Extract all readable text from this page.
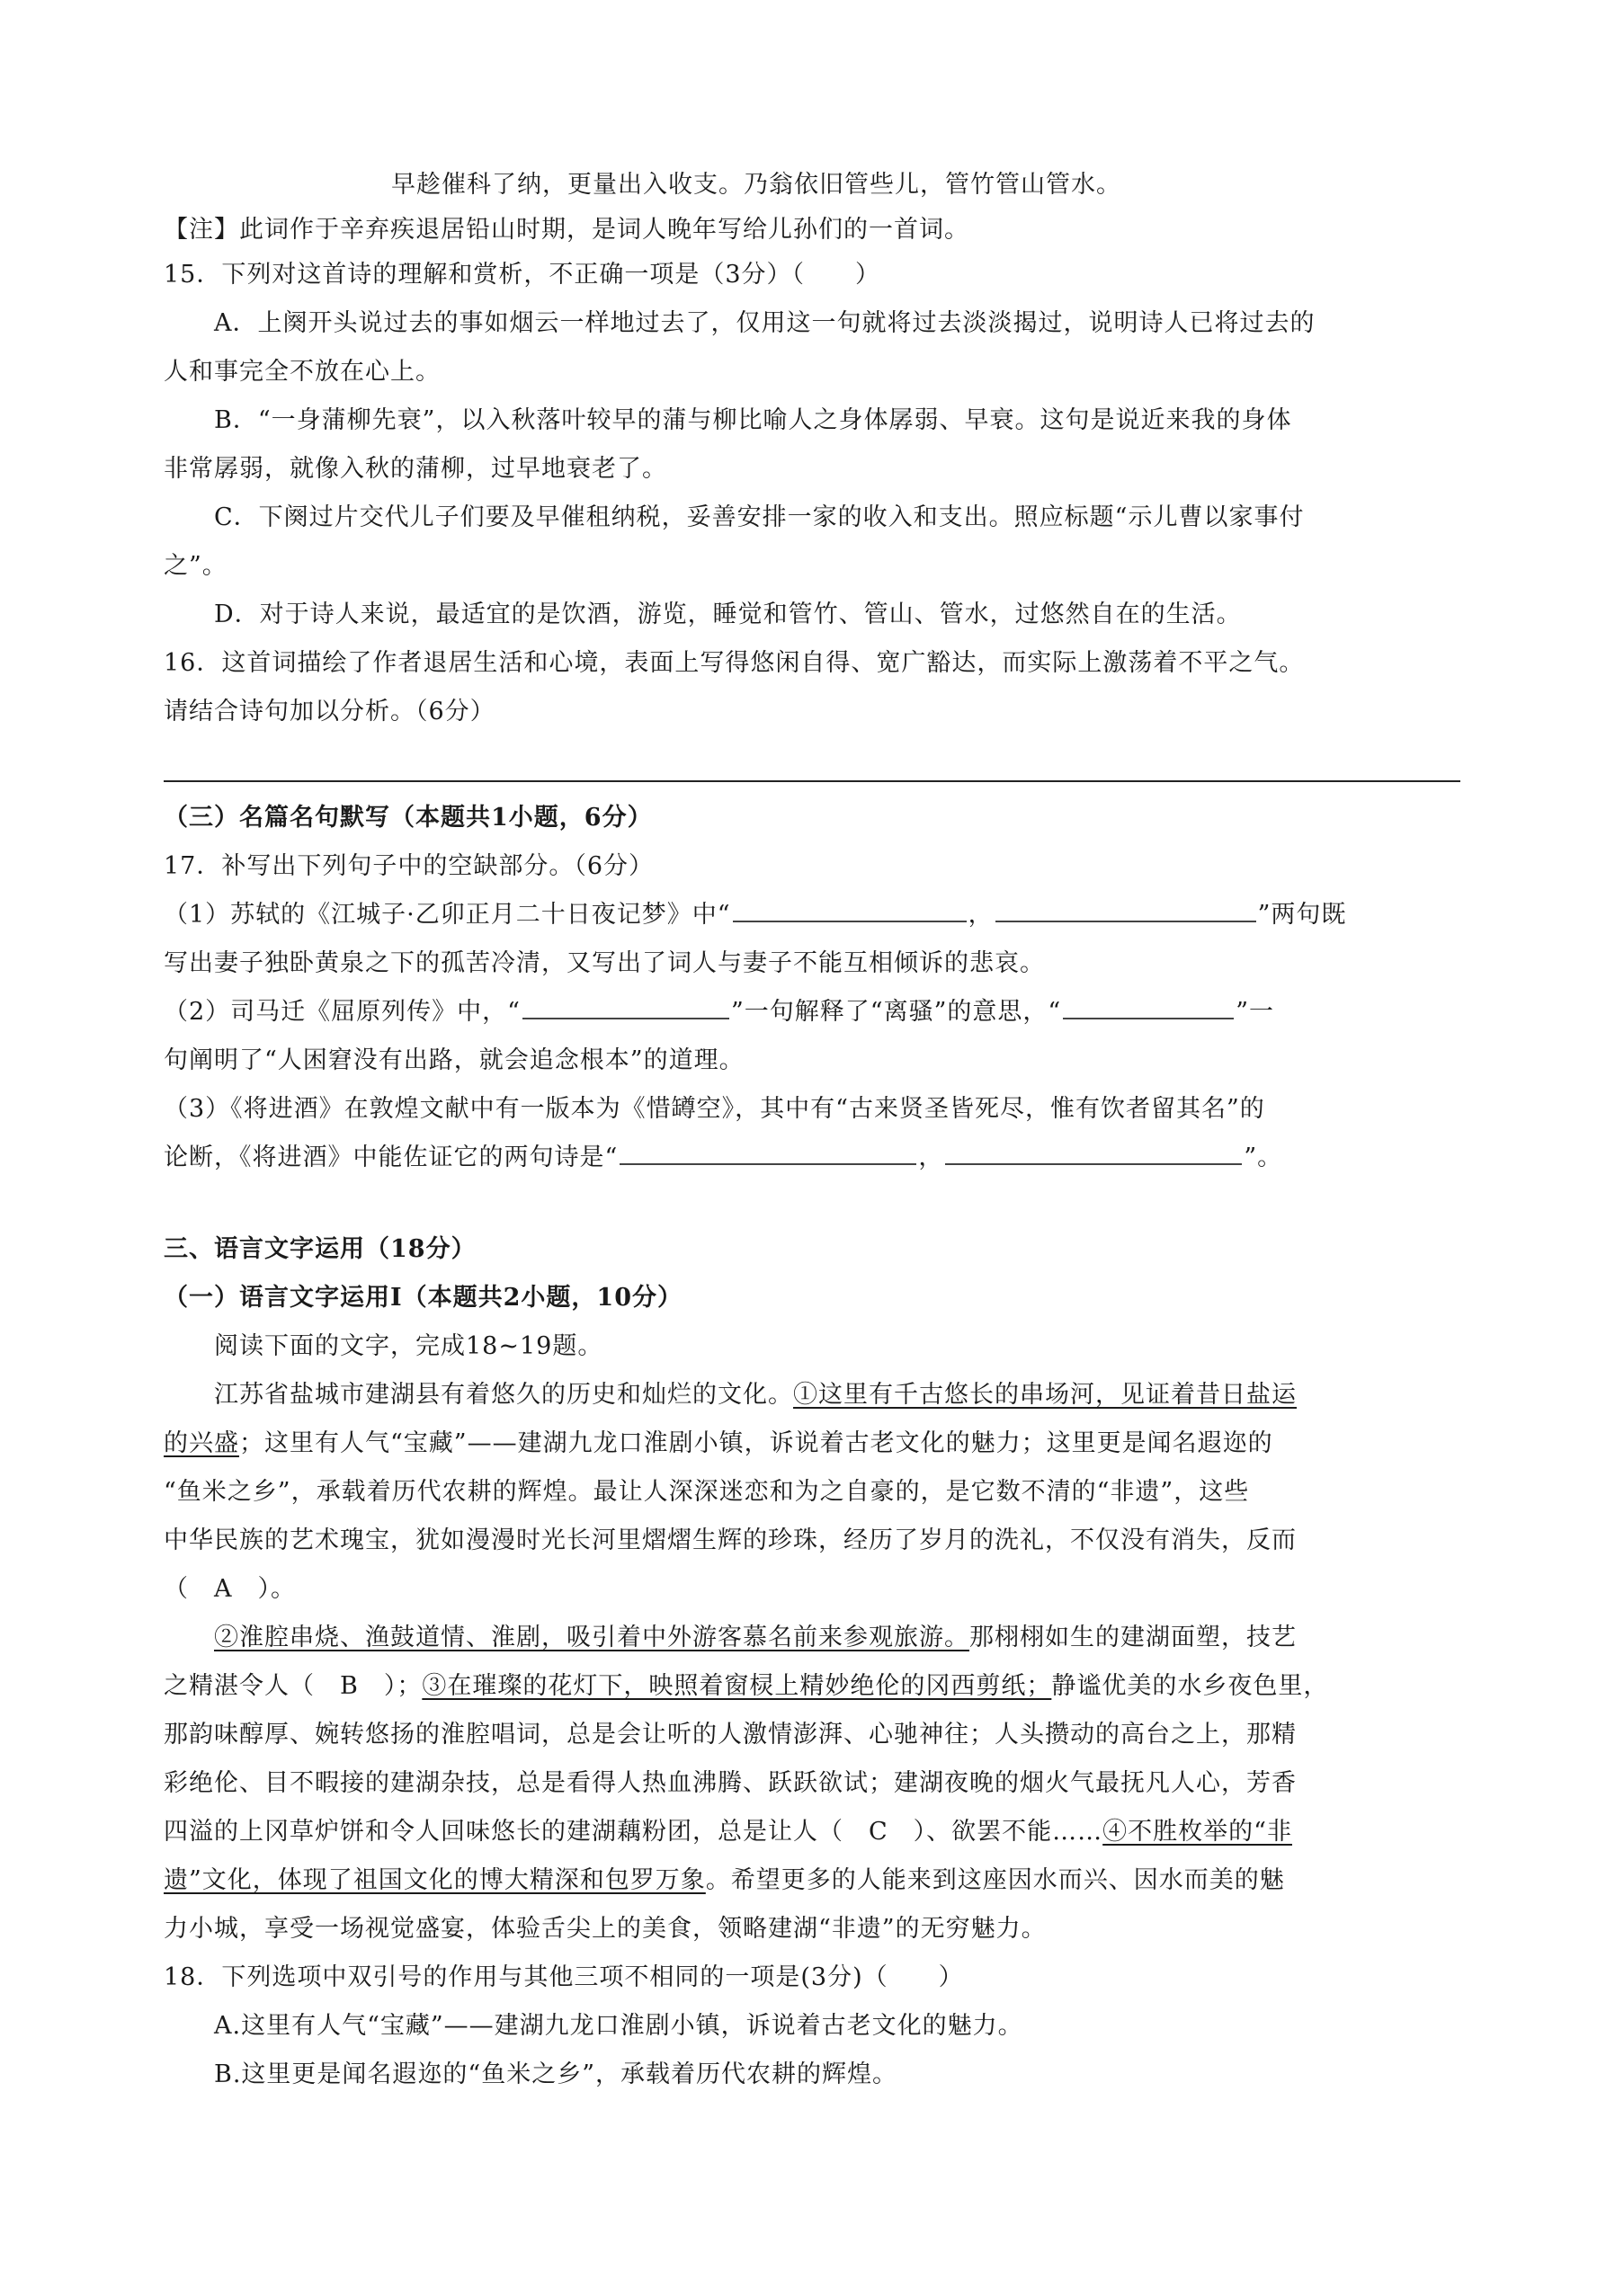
早趁催科了纳，更量出入收支。乃翁依旧管些儿，管竹管山管水。
【注】此词作于辛弃疾退居铅山时期，是词人晚年写给儿孙们的一首词。
15．下列对这首诗的理解和赏析，不正确一项是（3分）（　　）
A．上阕开头说过去的事如烟云一样地过去了，仅用这一句就将过去淡淡揭过，说明诗人已将过去的
人和事完全不放在心上。
B．“一身蒲柳先衰”，以入秋落叶较早的蒲与柳比喻人之身体孱弱、早衰。这句是说近来我的身体
非常孱弱，就像入秋的蒲柳，过早地衰老了。
C．下阕过片交代儿子们要及早催租纳税，妥善安排一家的收入和支出。照应标题“示儿曹以家事付
之”。
D．对于诗人来说，最适宜的是饮酒，游览，睡觉和管竹、管山、管水，过悠然自在的生活。
16．这首词描绘了作者退居生活和心境，表面上写得悠闲自得、宽广豁达，而实际上激荡着不平之气。
请结合诗句加以分析。（6分）
（三）名篇名句默写（本题共1小题，6分）
17．补写出下列句子中的空缺部分。（6分）
（1）苏轼的《江城子·乙卯正月二十日夜记梦》中“	，	”两句既
写出妻子独卧黄泉之下的孤苦冷清，又写出了词人与妻子不能互相倾诉的悲哀。
（2）司马迁《屈原列传》中，“	”一句解释了“离骚”的意思，“	”一
句阐明了“人困窘没有出路，就会追念根本”的道理。
（3）《将进酒》在敦煌文献中有一版本为《惜罇空》，其中有“古来贤圣皆死尽，惟有饮者留其名”的
论断，《将进酒》中能佐证它的两句诗是“	，	”。
三、语言文字运用（18分）
（一）语言文字运用Ⅰ（本题共2小题，10分）
阅读下面的文字，完成18~19题。
江苏省盐城市建湖县有着悠久的历史和灿烂的文化。①这里有千古悠长的串场河，见证着昔日盐运
的兴盛；这里有人气“宝藏”——建湖九龙口淮剧小镇，诉说着古老文化的魅力；这里更是闻名遐迩的
“鱼米之乡”，承载着历代农耕的辉煌。最让人深深迷恋和为之自豪的，是它数不清的“非遗”，这些
中华民族的艺术瑰宝，犹如漫漫时光长河里熠熠生辉的珍珠，经历了岁月的洗礼，不仅没有消失，反而
（　A　）。
②淮腔串烧、渔鼓道情、淮剧，吸引着中外游客慕名前来参观旅游。那栩栩如生的建湖面塑，技艺
之精湛令人（　B　）；③在璀璨的花灯下，映照着窗棂上精妙绝伦的冈西剪纸；静谧优美的水乡夜色里，
那韵味醇厚、婉转悠扬的淮腔唱词，总是会让听的人激情澎湃、心驰神往；人头攒动的高台之上，那精
彩绝伦、目不暇接的建湖杂技，总是看得人热血沸腾、跃跃欲试；建湖夜晚的烟火气最抚凡人心，芳香
四溢的上冈草炉饼和令人回味悠长的建湖藕粉团，总是让人（　C　）、欲罢不能……④不胜枚举的“非
遗”文化，体现了祖国文化的博大精深和包罗万象。希望更多的人能来到这座因水而兴、因水而美的魅
力小城，享受一场视觉盛宴，体验舌尖上的美食，领略建湖“非遗”的无穷魅力。
18．下列选项中双引号的作用与其他三项不相同的一项是(3分)（　　）
A.这里有人气“宝藏”——建湖九龙口淮剧小镇，诉说着古老文化的魅力。
B.这里更是闻名遐迩的“鱼米之乡”，承载着历代农耕的辉煌。
